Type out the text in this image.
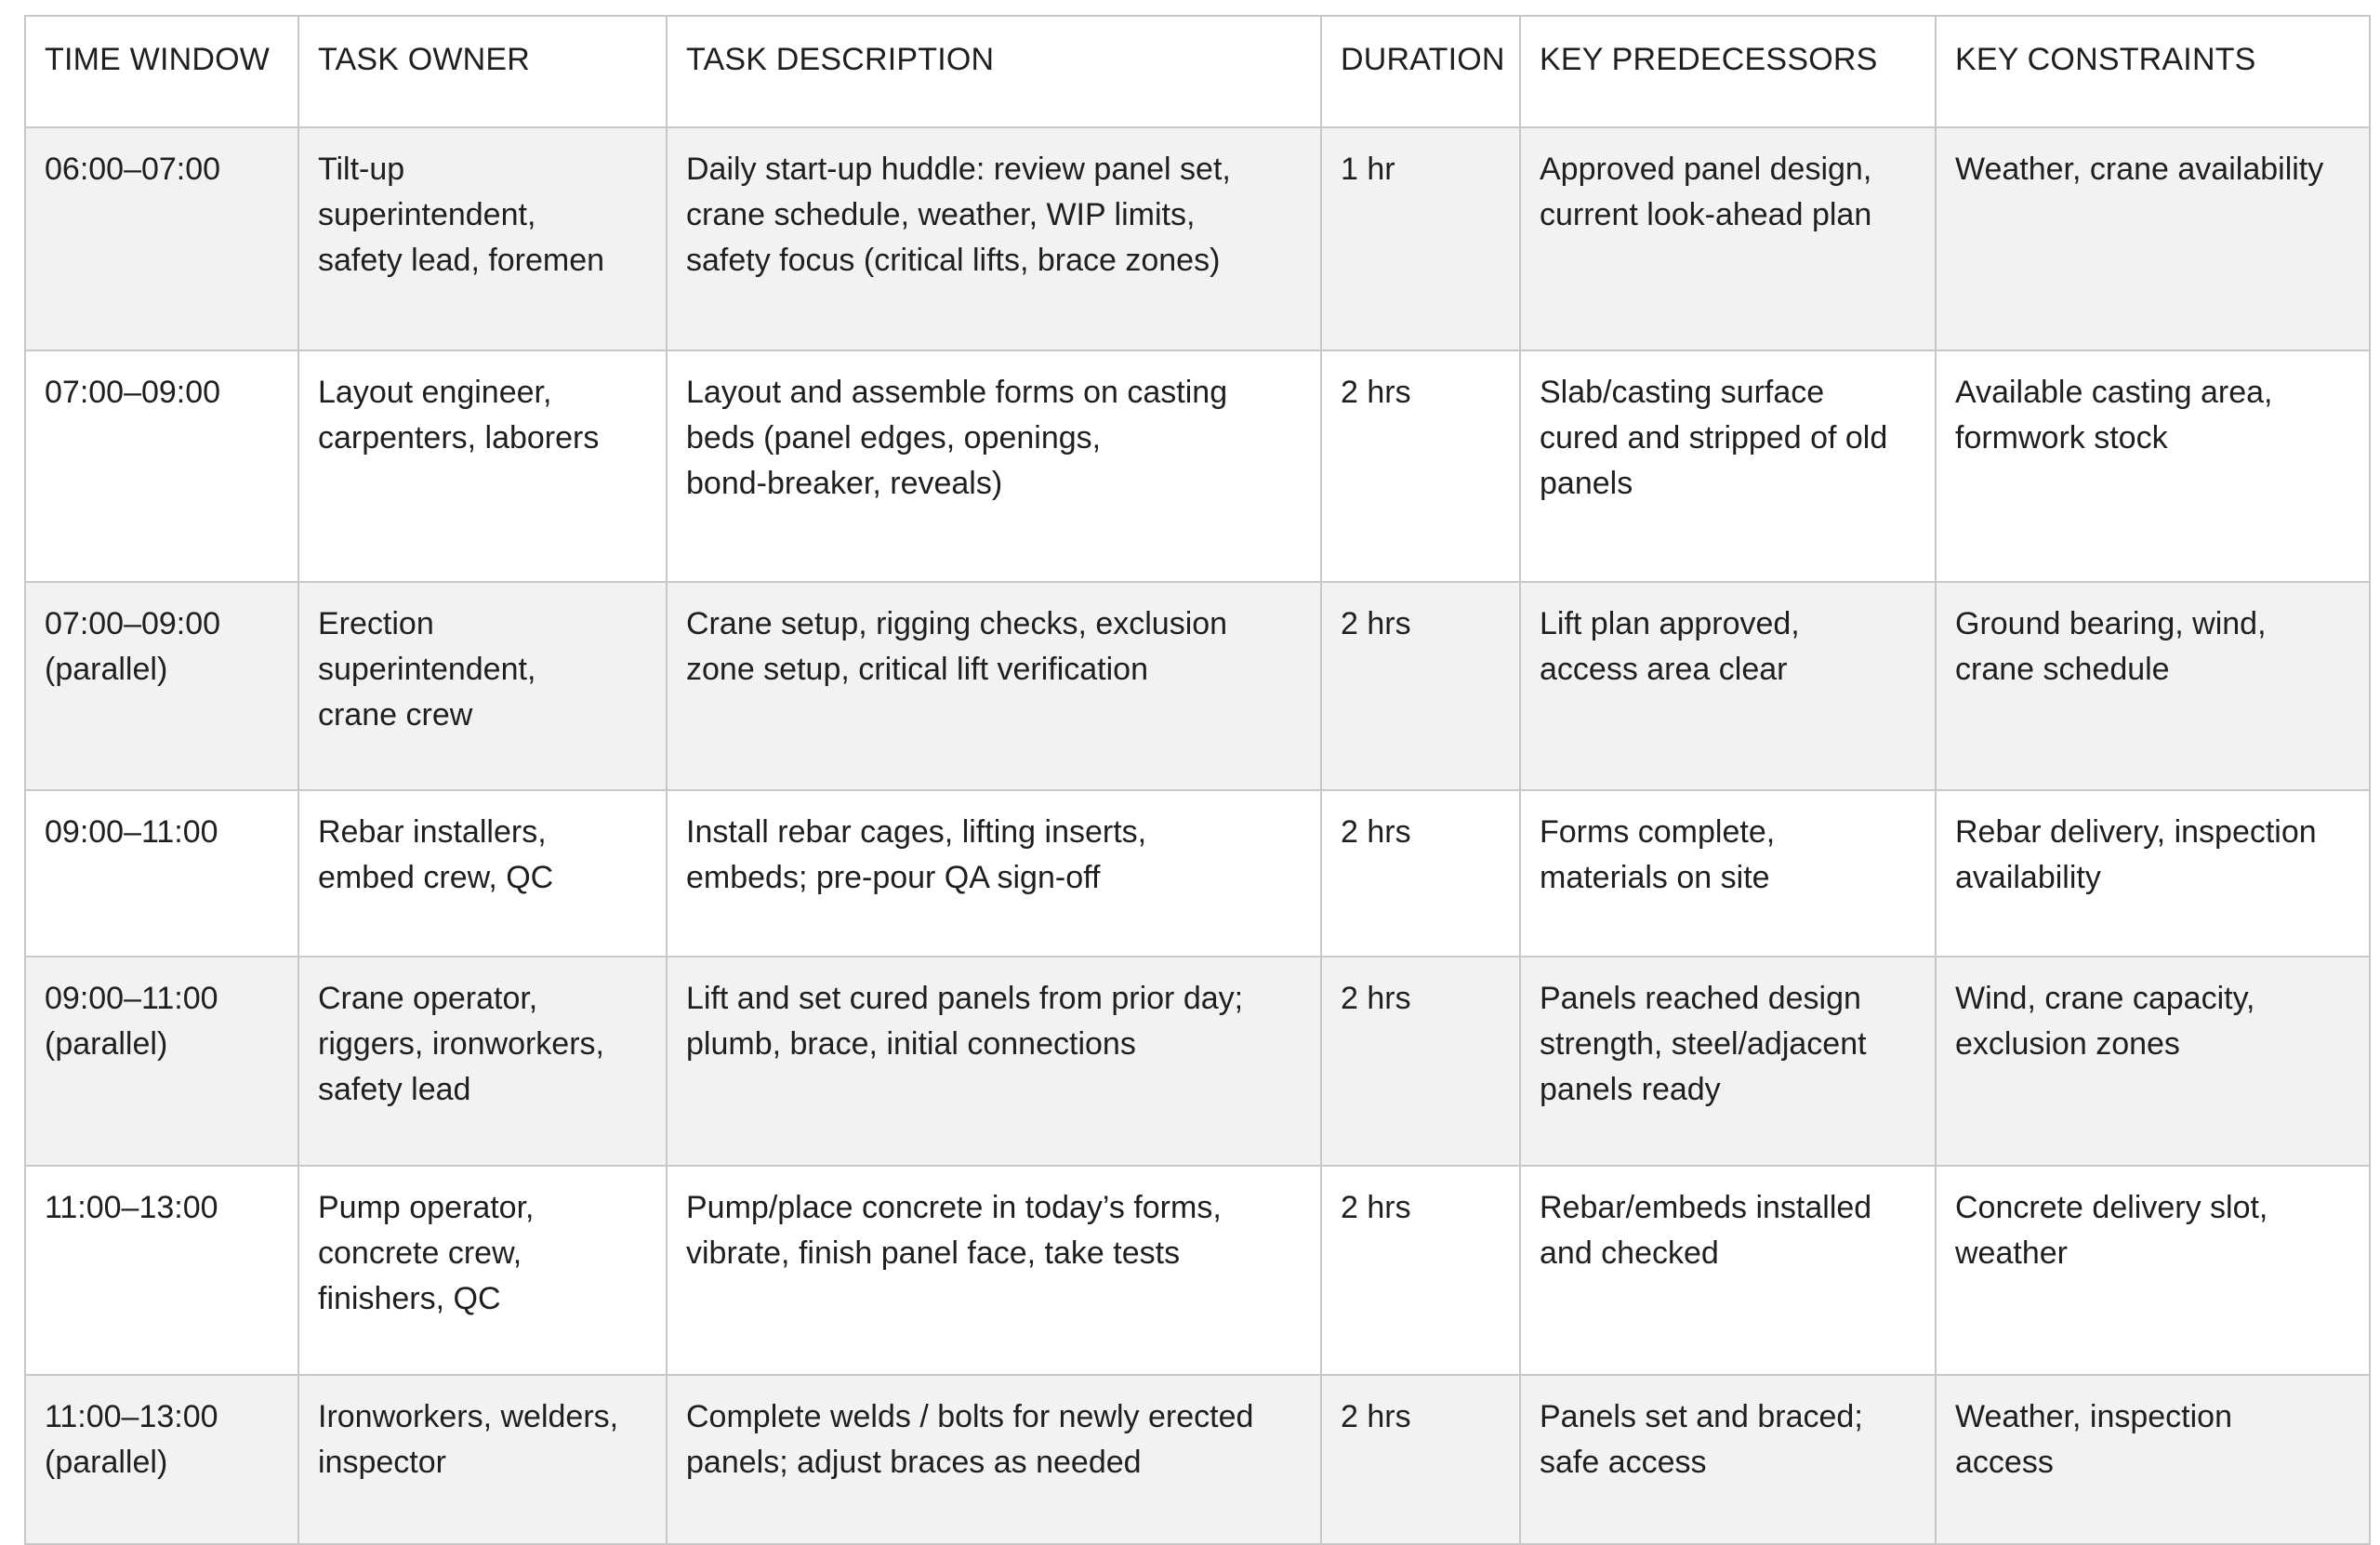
TIME WINDOW	TASK OWNER	TASK DESCRIPTION	DURATION	KEY PREDECESSORS	KEY CONSTRAINTS

06:00–07:00	Tilt-up
superintendent,
safety lead, foremen	Daily start-up huddle: review panel set,
crane schedule, weather, WIP limits,
safety focus (critical lifts, brace zones)	1 hr	Approved panel design,
current look-ahead plan	Weather, crane availability

07:00–09:00	Layout engineer,
carpenters, laborers	Layout and assemble forms on casting
beds (panel edges, openings,
bond-breaker, reveals)	2 hrs	Slab/casting surface
cured and stripped of old
panels	Available casting area,
formwork stock

07:00–09:00
(parallel)	Erection
superintendent,
crane crew	Crane setup, rigging checks, exclusion
zone setup, critical lift verification	2 hrs	Lift plan approved,
access area clear	Ground bearing, wind,
crane schedule

09:00–11:00	Rebar installers,
embed crew, QC	Install rebar cages, lifting inserts,
embeds; pre-pour QA sign-off	2 hrs	Forms complete,
materials on site	Rebar delivery, inspection
availability

09:00–11:00
(parallel)	Crane operator,
riggers, ironworkers,
safety lead	Lift and set cured panels from prior day;
plumb, brace, initial connections	2 hrs	Panels reached design
strength, steel/adjacent
panels ready	Wind, crane capacity,
exclusion zones

11:00–13:00	Pump operator,
concrete crew,
finishers, QC	Pump/place concrete in today’s forms,
vibrate, finish panel face, take tests	2 hrs	Rebar/embeds installed
and checked	Concrete delivery slot,
weather

11:00–13:00
(parallel)	Ironworkers, welders,
inspector	Complete welds / bolts for newly erected
panels; adjust braces as needed	2 hrs	Panels set and braced;
safe access	Weather, inspection
access
